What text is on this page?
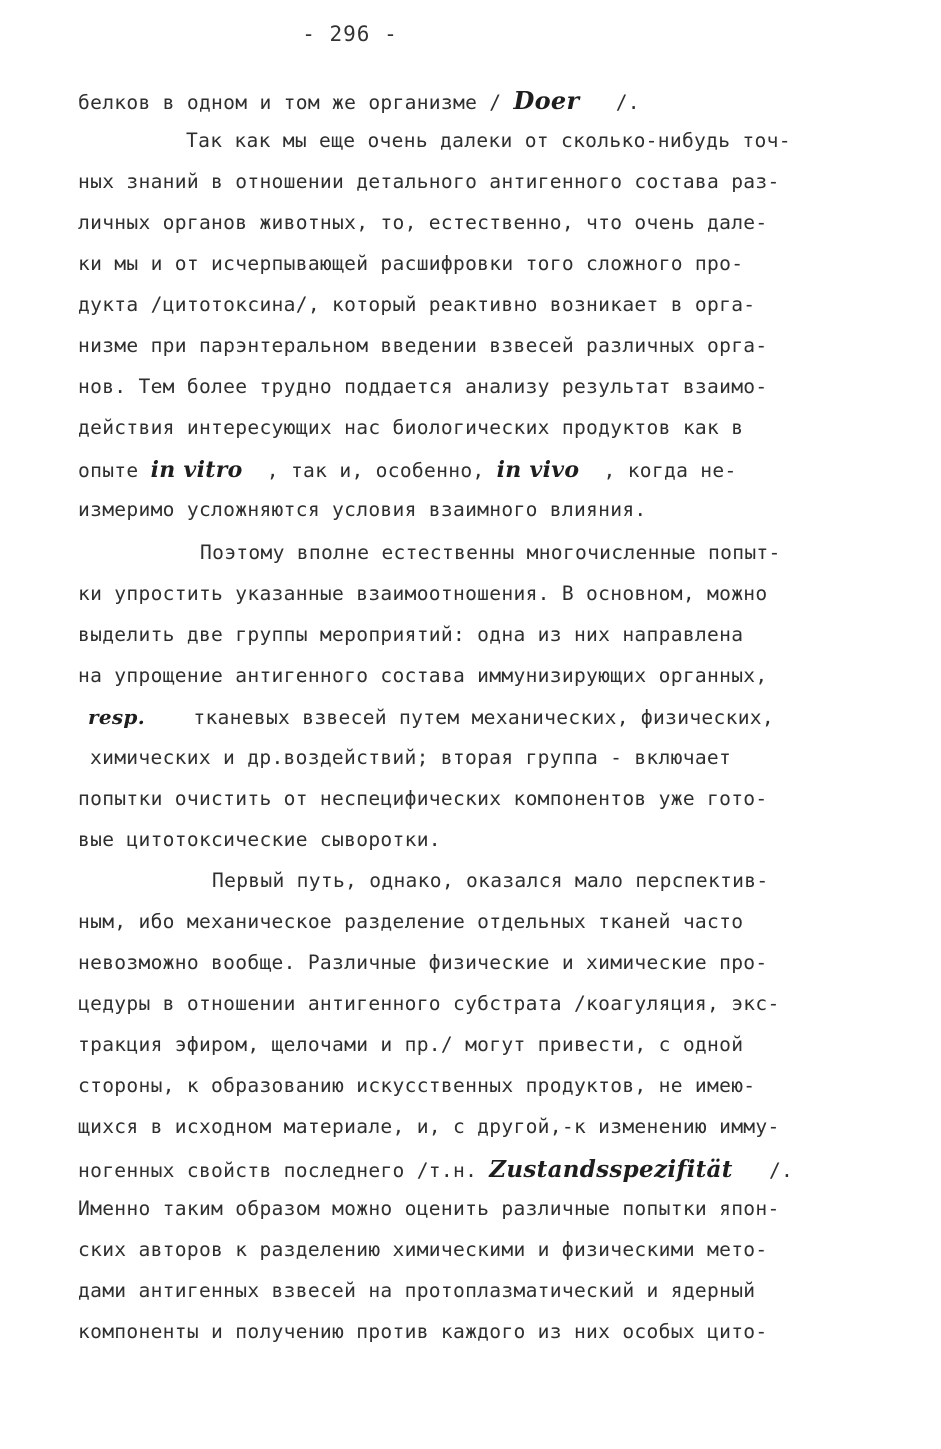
- 296 -
белков в одном и том же организме / Doer   /.
Так как мы еще очень далеки от сколько-нибудь точ-
ных знаний в отношении детального антигенного состава раз-
личных органов животных, то, естественно, что очень дале-
ки мы и от исчерпывающей расшифровки того сложного про-
дукта /цитотоксина/, который реактивно возникает в орга-
низме при парэнтеральном введении взвесей различных орга-
нов. Тем более трудно поддается анализу результат взаимо-
действия интересующих нас биологических продуктов как в
опыте in vitro  , так и, особенно, in vivo  , когда не-
измеримо усложняются условия взаимного влияния.
Поэтому вполне естественны многочисленные попыт-
ки упростить указанные взаимоотношения. В основном, можно
выделить две группы мероприятий: одна из них направлена
на упрощение антигенного состава иммунизирующих органных,
resp. тканевых взвесей путем механических, физических,
химических и др.воздействий; вторая группа - включает
попытки очистить от неспецифических компонентов уже гото-
вые цитотоксические сыворотки.
Первый путь, однако, оказался мало перспектив-
ным, ибо механическое разделение отдельных тканей часто
невозможно вообще. Различные физические и химические про-
цедуры в отношении антигенного субстрата /коагуляция, экс-
тракция эфиром, щелочами и пр./ могут привести, с одной
стороны, к образованию искусственных продуктов, не имею-
щихся в исходном материале, и, с другой,-к изменению имму-
ногенных свойств последнего /т.н. Zustandsspezifität   /.
Именно таким образом можно оценить различные попытки япон-
ских авторов к разделению химическими и физическими мето-
дами антигенных взвесей на протоплазматический и ядерный
компоненты и получению против каждого из них особых цито-
